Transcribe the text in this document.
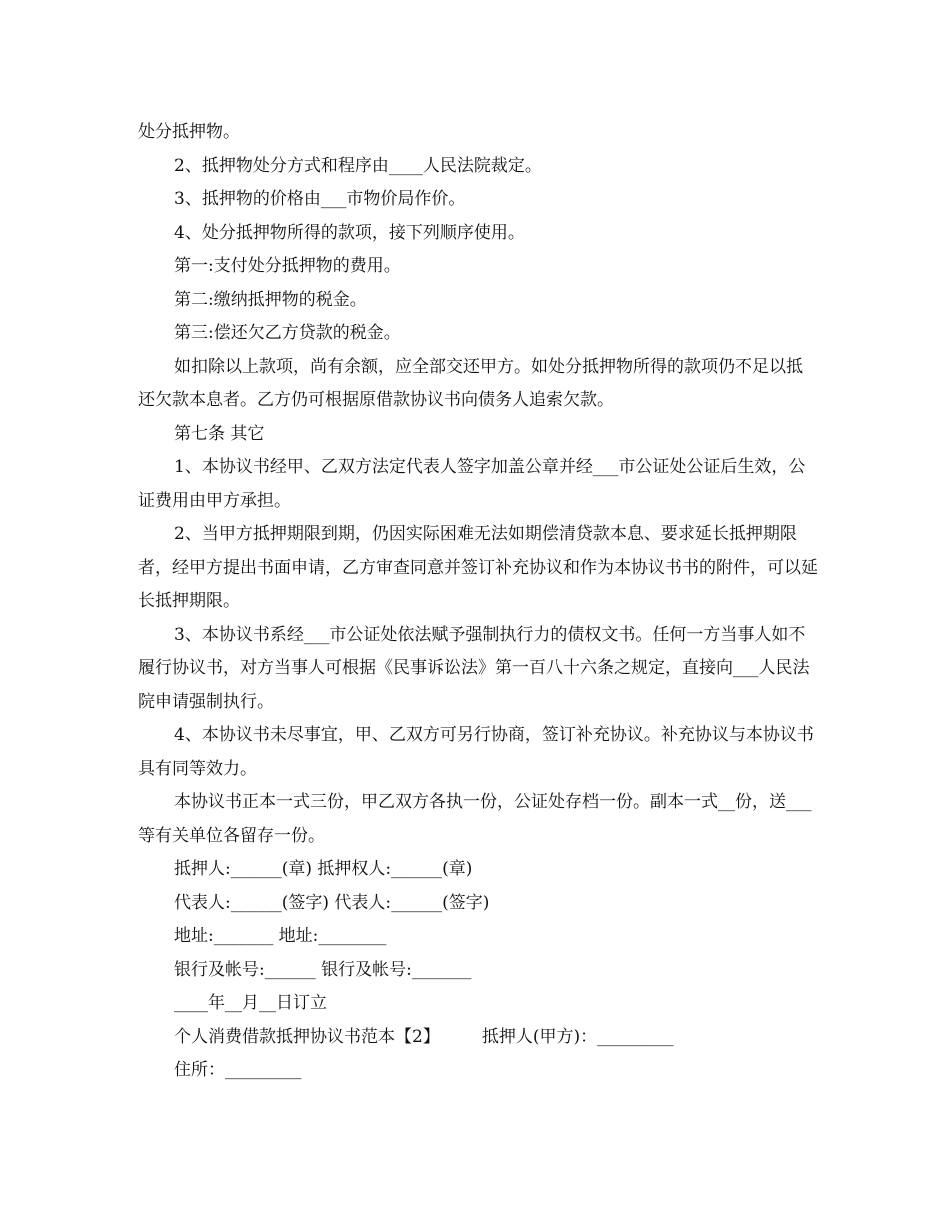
处分抵押物。

2、抵押物处分方式和程序由____人民法院裁定。

3、抵押物的价格由___市物价局作价。

4、处分抵押物所得的款项，接下列顺序使用。

第一:支付处分抵押物的费用。

第二:缴纳抵押物的税金。

第三:偿还欠乙方贷款的税金。

如扣除以上款项，尚有余额，应全部交还甲方。如处分抵押物所得的款项仍不足以抵还欠款本息者。乙方仍可根据原借款协议书向债务人追索欠款。

第七条 其它

1、本协议书经甲、乙双方法定代表人签字加盖公章并经___市公证处公证后生效，公证费用由甲方承担。

2、当甲方抵押期限到期，仍因实际困难无法如期偿清贷款本息、要求延长抵押期限者，经甲方提出书面申请，乙方审查同意并签订补充协议和作为本协议书书的附件，可以延长抵押期限。

3、本协议书系经___市公证处依法赋予强制执行力的债权文书。任何一方当事人如不履行协议书，对方当事人可根据《民事诉讼法》第一百八十六条之规定，直接向___人民法院申请强制执行。

4、本协议书未尽事宜，甲、乙双方可另行协商，签订补充协议。补充协议与本协议书具有同等效力。

本协议书正本一式三份，甲乙双方各执一份，公证处存档一份。副本一式__份，送___等有关单位各留存一份。

抵押人:______(章) 抵押权人:______(章)

代表人:______(签字) 代表人:______(签字)

地址:_______ 地址:________

银行及帐号:______ 银行及帐号:_______

____年__月__日订立

个人消费借款抵押协议书范本【2】 抵押人(甲方)：_________

住所：_________
